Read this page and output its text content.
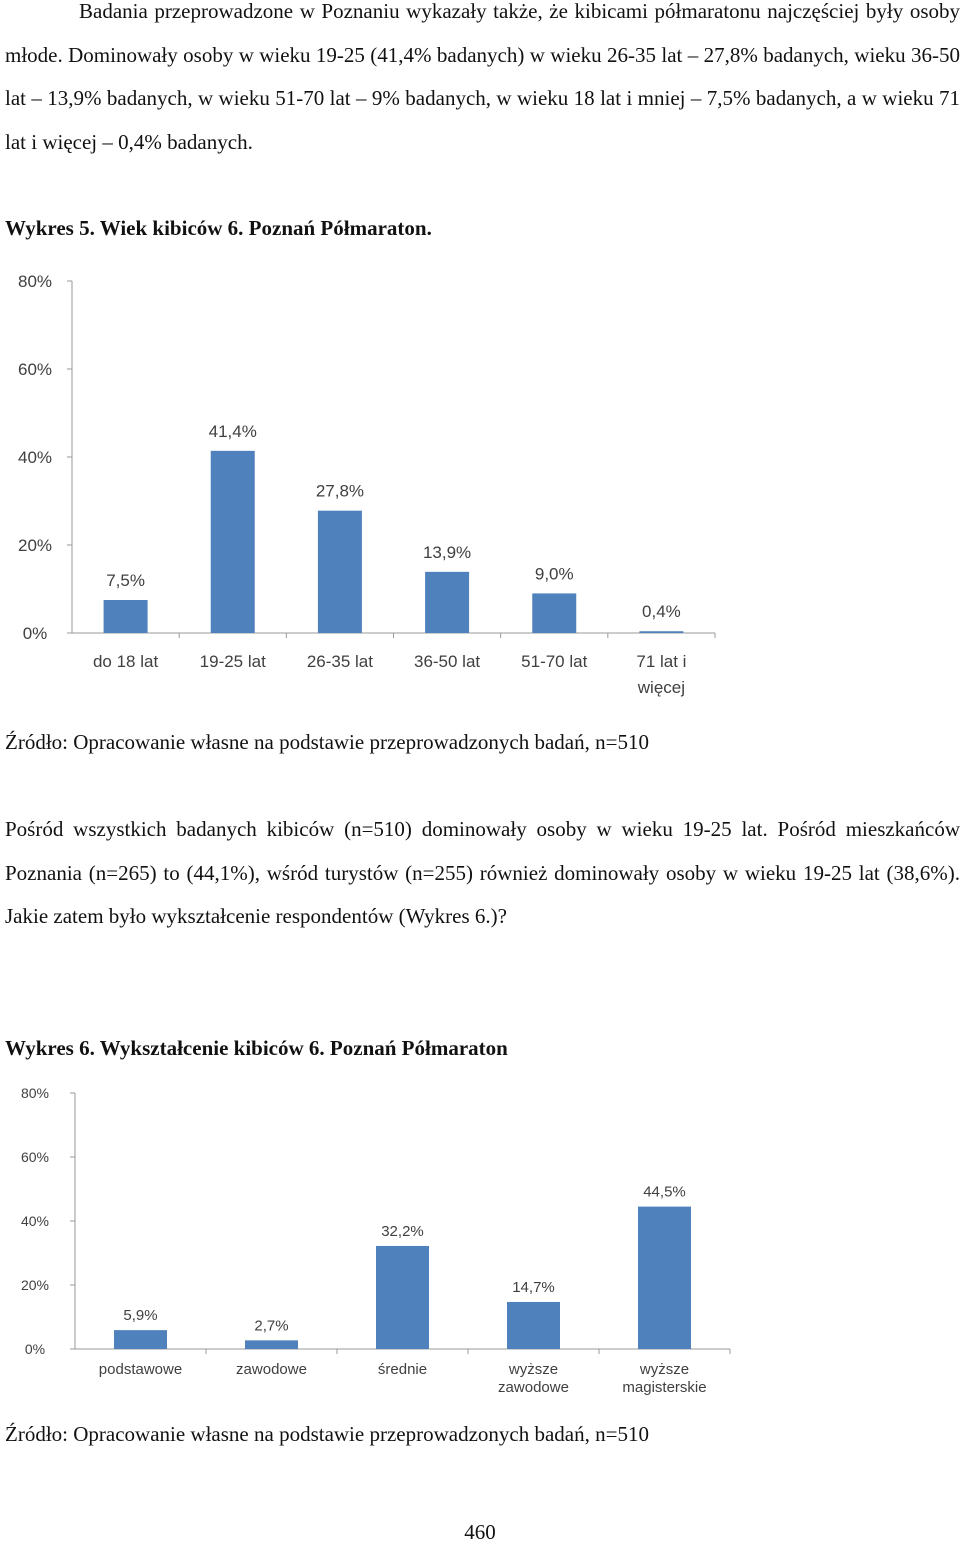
Badania przeprowadzone w Poznaniu wykazały także, że kibicami półmaratonu najczęściej były osoby młode. Dominowały osoby w wieku 19-25 (41,4% badanych) w wieku 26-35 lat – 27,8% badanych, wieku 36-50 lat – 13,9% badanych, w wieku 51-70 lat – 9% badanych, w wieku 18 lat i mniej – 7,5% badanych, a w wieku 71 lat i więcej – 0,4% badanych.

Wykres 5. Wiek kibiców 6. Poznań Półmaraton.
0%
20%
40%
60%
80%
7,5%
do 18 lat
41,4%
19-25 lat
27,8%
26-35 lat
13,9%
36-50 lat
9,0%
51-70 lat
0,4%
71 lat i
więcej
Źródło: Opracowanie własne na podstawie przeprowadzonych badań, n=510

Pośród wszystkich badanych kibiców (n=510) dominowały osoby w wieku 19-25 lat. Pośród mieszkańców Poznania (n=265) to (44,1%), wśród turystów (n=255) również dominowały osoby w wieku 19-25 lat (38,6%). Jakie zatem było wykształcenie respondentów (Wykres 6.)?

Wykres 6. Wykształcenie kibiców 6. Poznań Półmaraton
0%
20%
40%
60%
80%
5,9%
podstawowe
2,7%
zawodowe
32,2%
średnie
14,7%
wyższe
zawodowe
44,5%
wyższe
magisterskie
Źródło: Opracowanie własne na podstawie przeprowadzonych badań, n=510
460
